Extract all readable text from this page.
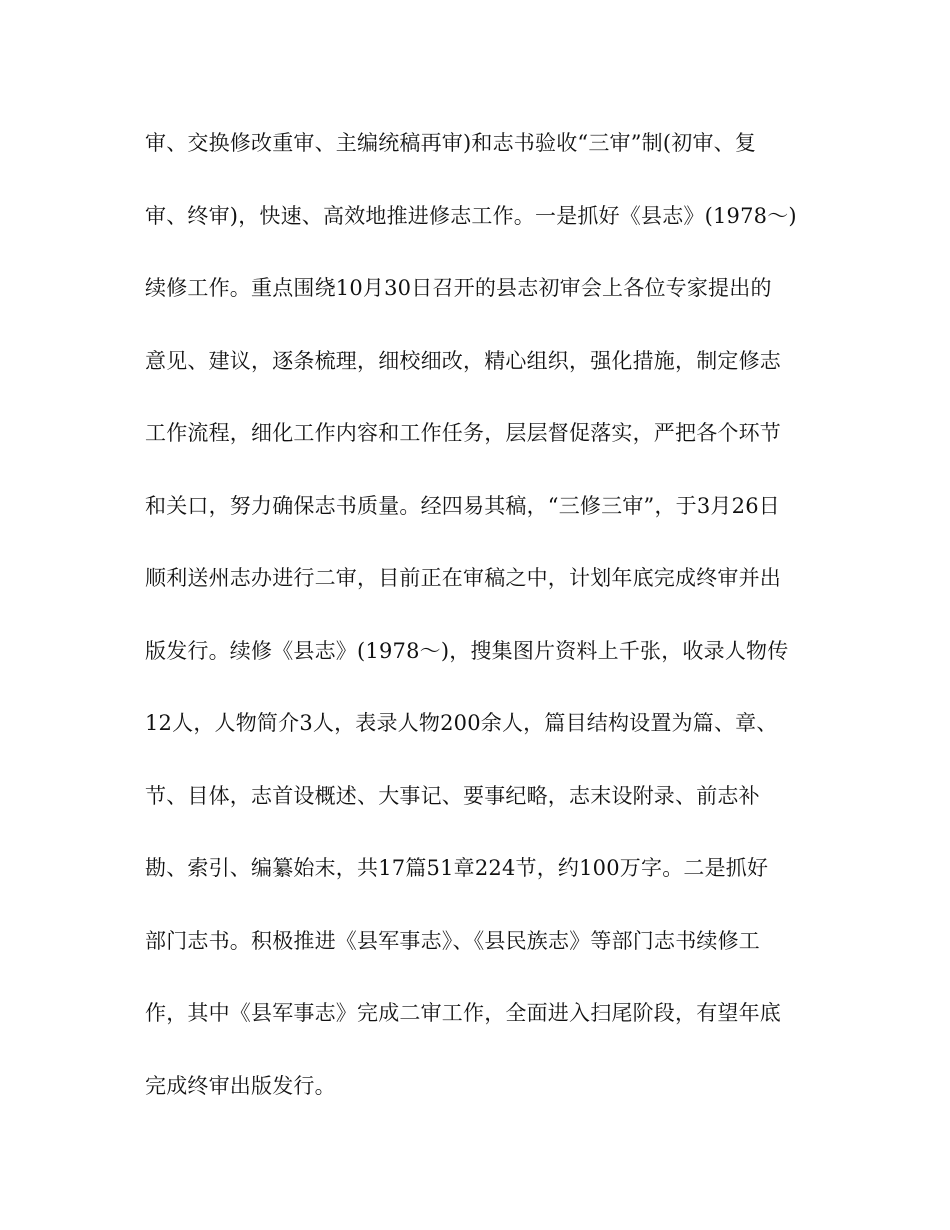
审、交换修改重审、主编统稿再审)和志书验收“三审”制(初审、复
审、终审)，快速、高效地推进修志工作。一是抓好《县志》(1978～)
续修工作。重点围绕10月30日召开的县志初审会上各位专家提出的
意见、建议，逐条梳理，细校细改，精心组织，强化措施，制定修志
工作流程，细化工作内容和工作任务，层层督促落实，严把各个环节
和关口，努力确保志书质量。经四易其稿，“三修三审”，于3月26日
顺利送州志办进行二审，目前正在审稿之中，计划年底完成终审并出
版发行。续修《县志》(1978～)，搜集图片资料上千张，收录人物传
12人，人物简介3人，表录人物200余人，篇目结构设置为篇、章、
节、目体，志首设概述、大事记、要事纪略，志末设附录、前志补
勘、索引、编纂始末，共17篇51章224节，约100万字。二是抓好
部门志书。积极推进《县军事志》、《县民族志》等部门志书续修工
作，其中《县军事志》完成二审工作，全面进入扫尾阶段，有望年底
完成终审出版发行。
